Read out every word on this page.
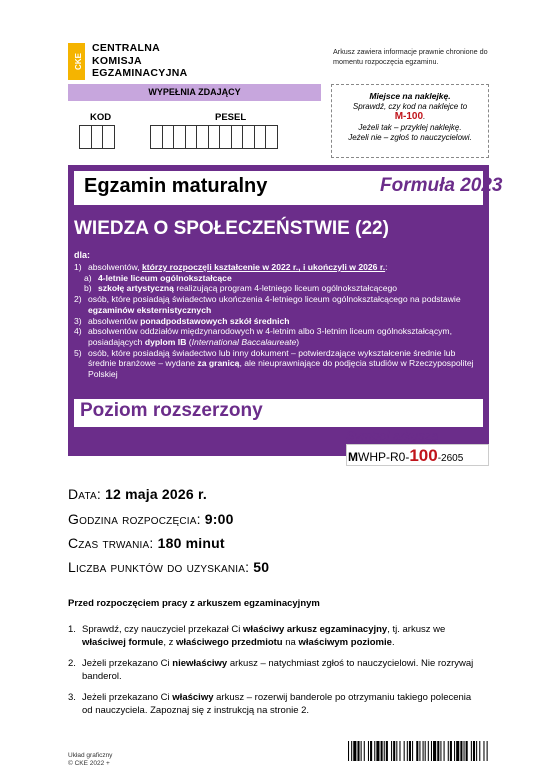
CKE
CENTRALNA
KOMISJA
EGZAMINACYJNA
Arkusz zawiera informacje prawnie chronione do momentu rozpoczęcia egzaminu.
WYPEŁNIA ZDAJĄCY
KOD	PESEL
Miejsce na naklejkę.
Sprawdź, czy kod na naklejce to
M-100.
Jeżeli tak – przyklej naklejkę.
Jeżeli nie – zgłoś to nauczycielowi.
Egzamin maturalny	Formuła 2023
WIEDZA O SPOŁECZEŃSTWIE (22)
dla:
1) absolwentów, którzy rozpoczęli kształcenie w 2022 r., i ukończyli w 2026 r.:
a) 4-letnie liceum ogólnokształcące
b) szkołę artystyczną realizującą program 4-letniego liceum ogólnokształcącego
2) osób, które posiadają świadectwo ukończenia 4-letniego liceum ogólnokształcącego na podstawie egzaminów eksternistycznych
3) absolwentów ponadpodstawowych szkół średnich
4) absolwentów oddziałów międzynarodowych w 4-letnim albo 3-letnim liceum ogólnokształcącym, posiadających dyplom IB (International Baccalaureate)
5) osób, które posiadają świadectwo lub inny dokument – potwierdzające wykształcenie średnie lub średnie branżowe – wydane za granicą, ale nieuprawniające do podjęcia studiów w Rzeczypospolitej Polskiej
Poziom rozszerzony
Symbol arkusza
MWHP-R0-100-2605
Data: 12 maja 2026 r.
Godzina rozpoczęcia: 9:00
Czas trwania: 180 minut
Liczba punktów do uzyskania: 50
Przed rozpoczęciem pracy z arkuszem egzaminacyjnym
1. Sprawdź, czy nauczyciel przekazał Ci właściwy arkusz egzaminacyjny, tj. arkusz we właściwej formule, z właściwego przedmiotu na właściwym poziomie.
2. Jeżeli przekazano Ci niewłaściwy arkusz – natychmiast zgłoś to nauczycielowi. Nie rozrywaj banderol.
3. Jeżeli przekazano Ci właściwy arkusz – rozerwij banderole po otrzymaniu takiego polecenia od nauczyciela. Zapoznaj się z instrukcją na stronie 2.
Układ graficzny
© CKE 2022 +
